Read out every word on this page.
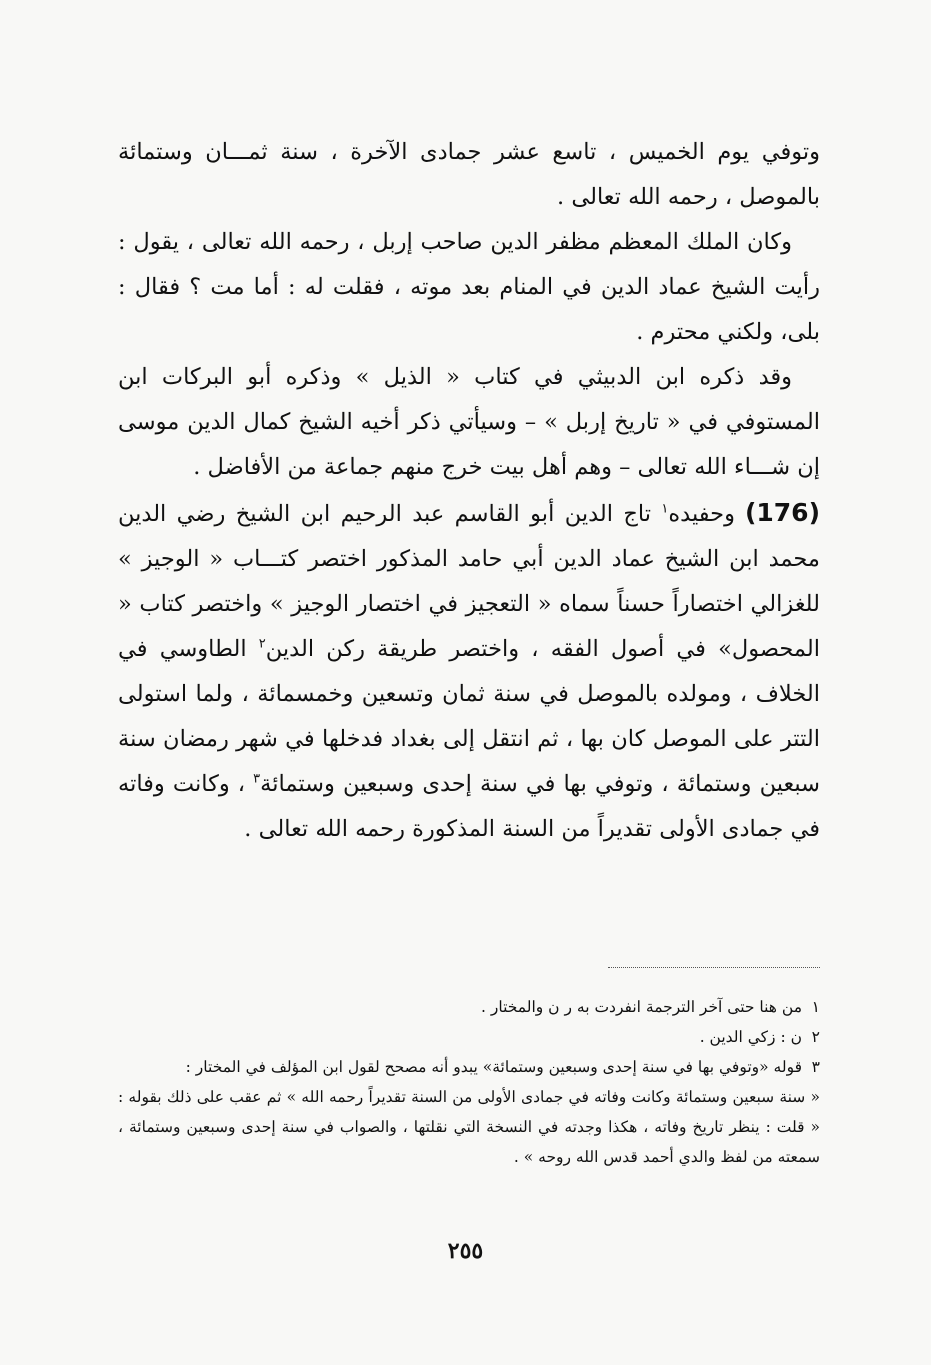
وتوفي يوم الخميس ، تاسع عشر جمادى الآخرة ، سنة ثمـــان وستمائة بالموصل ، رحمه الله تعالى .

وكان الملك المعظم مظفر الدين صاحب إربل ، رحمه الله تعالى ، يقول : رأيت الشيخ عماد الدين في المنام بعد موته ، فقلت له : أما مت ؟ فقال : بلى، ولكني محترم .

وقد ذكره ابن الدبيثي في كتاب « الذيل » وذكره أبو البركات ابن المستوفي في « تاريخ إربل » – وسيأتي ذكر أخيه الشيخ كمال الدين موسى إن شـــاء الله تعالى – وهم أهل بيت خرج منهم جماعة من الأفاضل .

(176)وحفيده$^١$ تاج الدين أبو القاسم عبد الرحيم ابن الشيخ رضي الدين محمد ابن الشيخ عماد الدين أبي حامد المذكور اختصر كتـــاب « الوجيز » للغزالي اختصاراً حسناً سماه « التعجيز في اختصار الوجيز » واختصر كتاب « المحصول» في أصول الفقه ، واختصر طريقة ركن الدين$^٢$ الطاوسي في الخلاف ، ومولده بالموصل في سنة ثمان وتسعين وخمسمائة ، ولما استولى التتر على الموصل كان بها ، ثم انتقل إلى بغداد فدخلها في شهر رمضان سنة سبعين وستمائة ، وتوفي بها في سنة إحدى وسبعين وستمائة$^٣$ ، وكانت وفاته في جمادى الأولى تقديراً من السنة المذكورة رحمه الله تعالى .

١من هنا حتى آخر الترجمة انفردت به ر ن والمختار .

٢ن : زكي الدين .

٣قوله «وتوفي بها في سنة إحدى وسبعين وستمائة» يبدو أنه مصحح لقول ابن المؤلف في المختار :

« سنة سبعين وستمائة وكانت وفاته في جمادى الأولى من السنة تقديراً رحمه الله » ثم عقب على ذلك بقوله : « قلت : ينظر تاريخ وفاته ، هكذا وجدته في النسخة التي نقلتها ، والصواب في سنة إحدى وسبعين وستمائة ، سمعته من لفظ والدي أحمد قدس الله روحه » .

٢٥٥
